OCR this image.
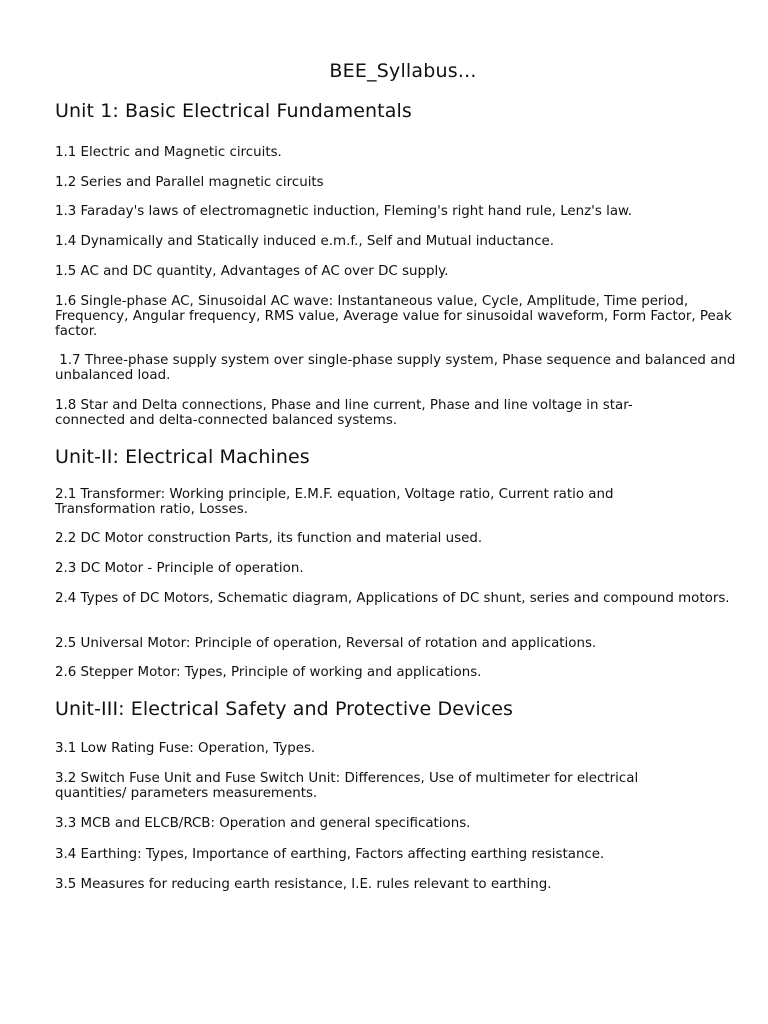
BEE_Syllabus...
Unit 1: Basic Electrical Fundamentals

1.1 Electric and Magnetic circuits.

1.2 Series and Parallel magnetic circuits

1.3 Faraday's laws of electromagnetic induction, Fleming's right hand rule, Lenz's law.

1.4 Dynamically and Statically induced e.m.f., Self and Mutual inductance.

1.5 AC and DC quantity, Advantages of AC over DC supply.

1.6 Single-phase AC, Sinusoidal AC wave: Instantaneous value, Cycle, Amplitude, Time period, Frequency, Angular frequency, RMS value, Average value for sinusoidal waveform, Form Factor, Peak factor.

1.7 Three-phase supply system over single-phase supply system, Phase sequence and balanced and unbalanced load.

1.8 Star and Delta connections, Phase and line current, Phase and line voltage in star-connected and delta-connected balanced systems.

Unit-II: Electrical Machines

2.1 Transformer: Working principle, E.M.F. equation, Voltage ratio, Current ratio and Transformation ratio, Losses.

2.2 DC Motor construction Parts, its function and material used.

2.3 DC Motor - Principle of operation.

2.4 Types of DC Motors, Schematic diagram, Applications of DC shunt, series and compound motors.

2.5 Universal Motor: Principle of operation, Reversal of rotation and applications.

2.6 Stepper Motor: Types, Principle of working and applications.

Unit-III: Electrical Safety and Protective Devices

3.1 Low Rating Fuse: Operation, Types.

3.2 Switch Fuse Unit and Fuse Switch Unit: Differences, Use of multimeter for electrical quantities/ parameters measurements.

3.3 MCB and ELCB/RCB: Operation and general specifications.

3.4 Earthing: Types, Importance of earthing, Factors affecting earthing resistance.

3.5 Measures for reducing earth resistance, I.E. rules relevant to earthing.
